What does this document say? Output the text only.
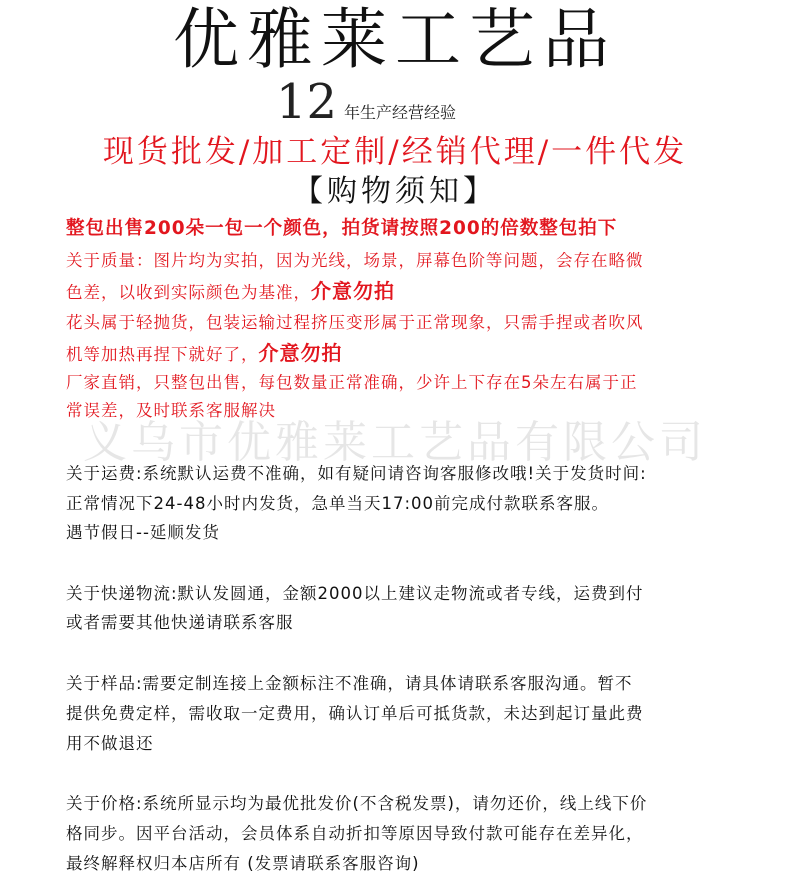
优雅莱工艺品
12 年生产经营经验
现货批发/加工定制/经销代理/一件代发
【购物须知】
整包出售200朵一包一个颜色，拍货请按照200的倍数整包拍下
关于质量：图片均为实拍，因为光线，场景，屏幕色阶等问题，会存在略微
色差，以收到实际颜色为基准，介意勿拍
花头属于轻抛货，包装运输过程挤压变形属于正常现象，只需手捏或者吹风
机等加热再捏下就好了，介意勿拍
厂家直销，只整包出售，每包数量正常准确，少许上下存在5朵左右属于正
常误差，及时联系客服解决
义乌市优雅莱工艺品有限公司
关于运费:系统默认运费不准确，如有疑问请咨询客服修改哦!关于发货时间:
正常情况下24-48小时内发货，急单当天17:00前完成付款联系客服。
遇节假日--延顺发货
关于快递物流:默认发圆通，金额2000以上建议走物流或者专线，运费到付
或者需要其他快递请联系客服
关于样品:需要定制连接上金额标注不准确，请具体请联系客服沟通。暂不
提供免费定样，需收取一定费用，确认订单后可抵货款，未达到起订量此费
用不做退还
关于价格:系统所显示均为最优批发价(不含税发票)，请勿还价，线上线下价
格同步。因平台活动，会员体系自动折扣等原因导致付款可能存在差异化，
最终解释权归本店所有 (发票请联系客服咨询)
